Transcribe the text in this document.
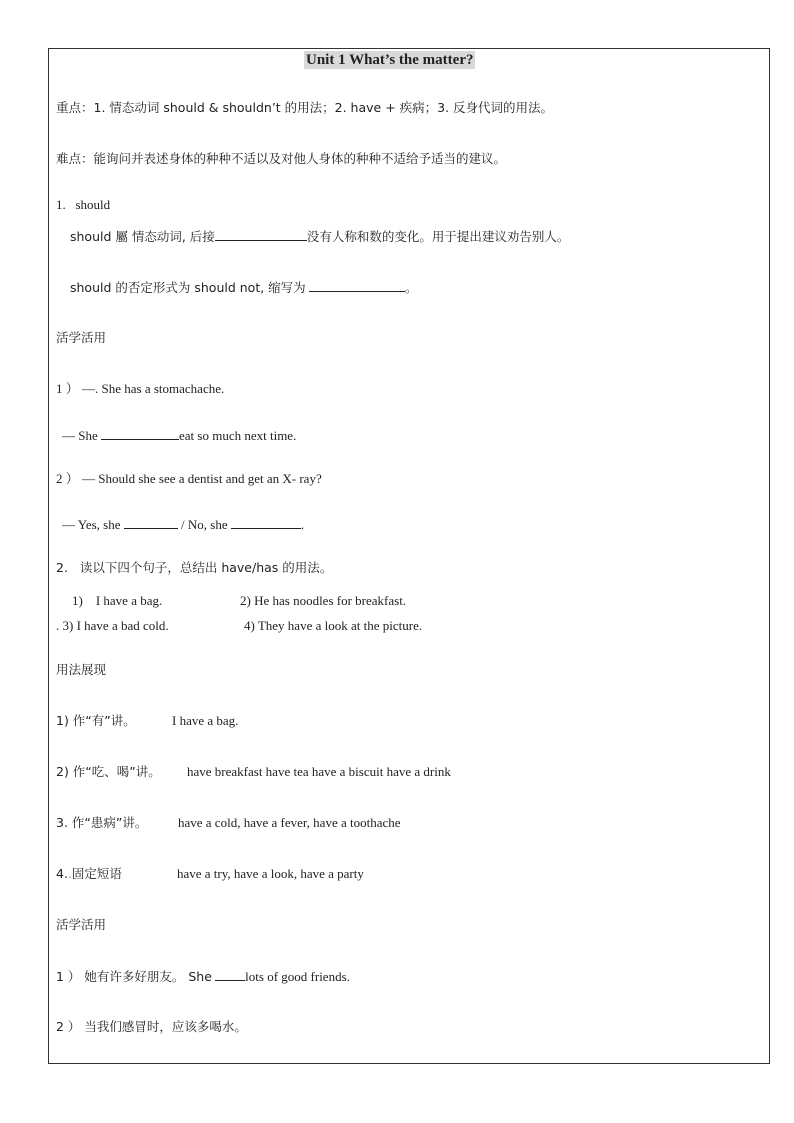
Unit 1 What’s the matter?
重点：1. 情态动词 should & shouldn’t 的用法；2. have + 疾病；3. 反身代词的用法。
难点：能询问并表述身体的种种不适以及对他人身体的种种不适给予适当的建议。
1.   should
should 屬 情态动词, 后接	没有人称和数的变化。用于提出建议劝告别人。
should 的否定形式为 should not, 缩写为	。
活学活用
1 ） —. She has a stomachache.
— She	eat so much next time.
2 ） — Should she see a dentist and get an X- ray?
— Yes, she	/ No, she	.
2.   读以下四个句子，总结出 have/has 的用法。
1)    I have a bag.	2) He has noodles for breakfast.
. 3) I have a bad cold.	4) They have a look at the picture.
用法展现
1) 作“有”讲。	I have a bag.
2) 作“吃、喝”讲。 have breakfast have tea have a biscuit have a drink
3. 作“患病”讲。 have a cold, have a fever, have a toothache
4..固定短语	have a try, have a look, have a party
活学活用
1 ） 她有许多好朋友。 She	lots of good friends.
2 ） 当我们感冒时，应该多喝水。
